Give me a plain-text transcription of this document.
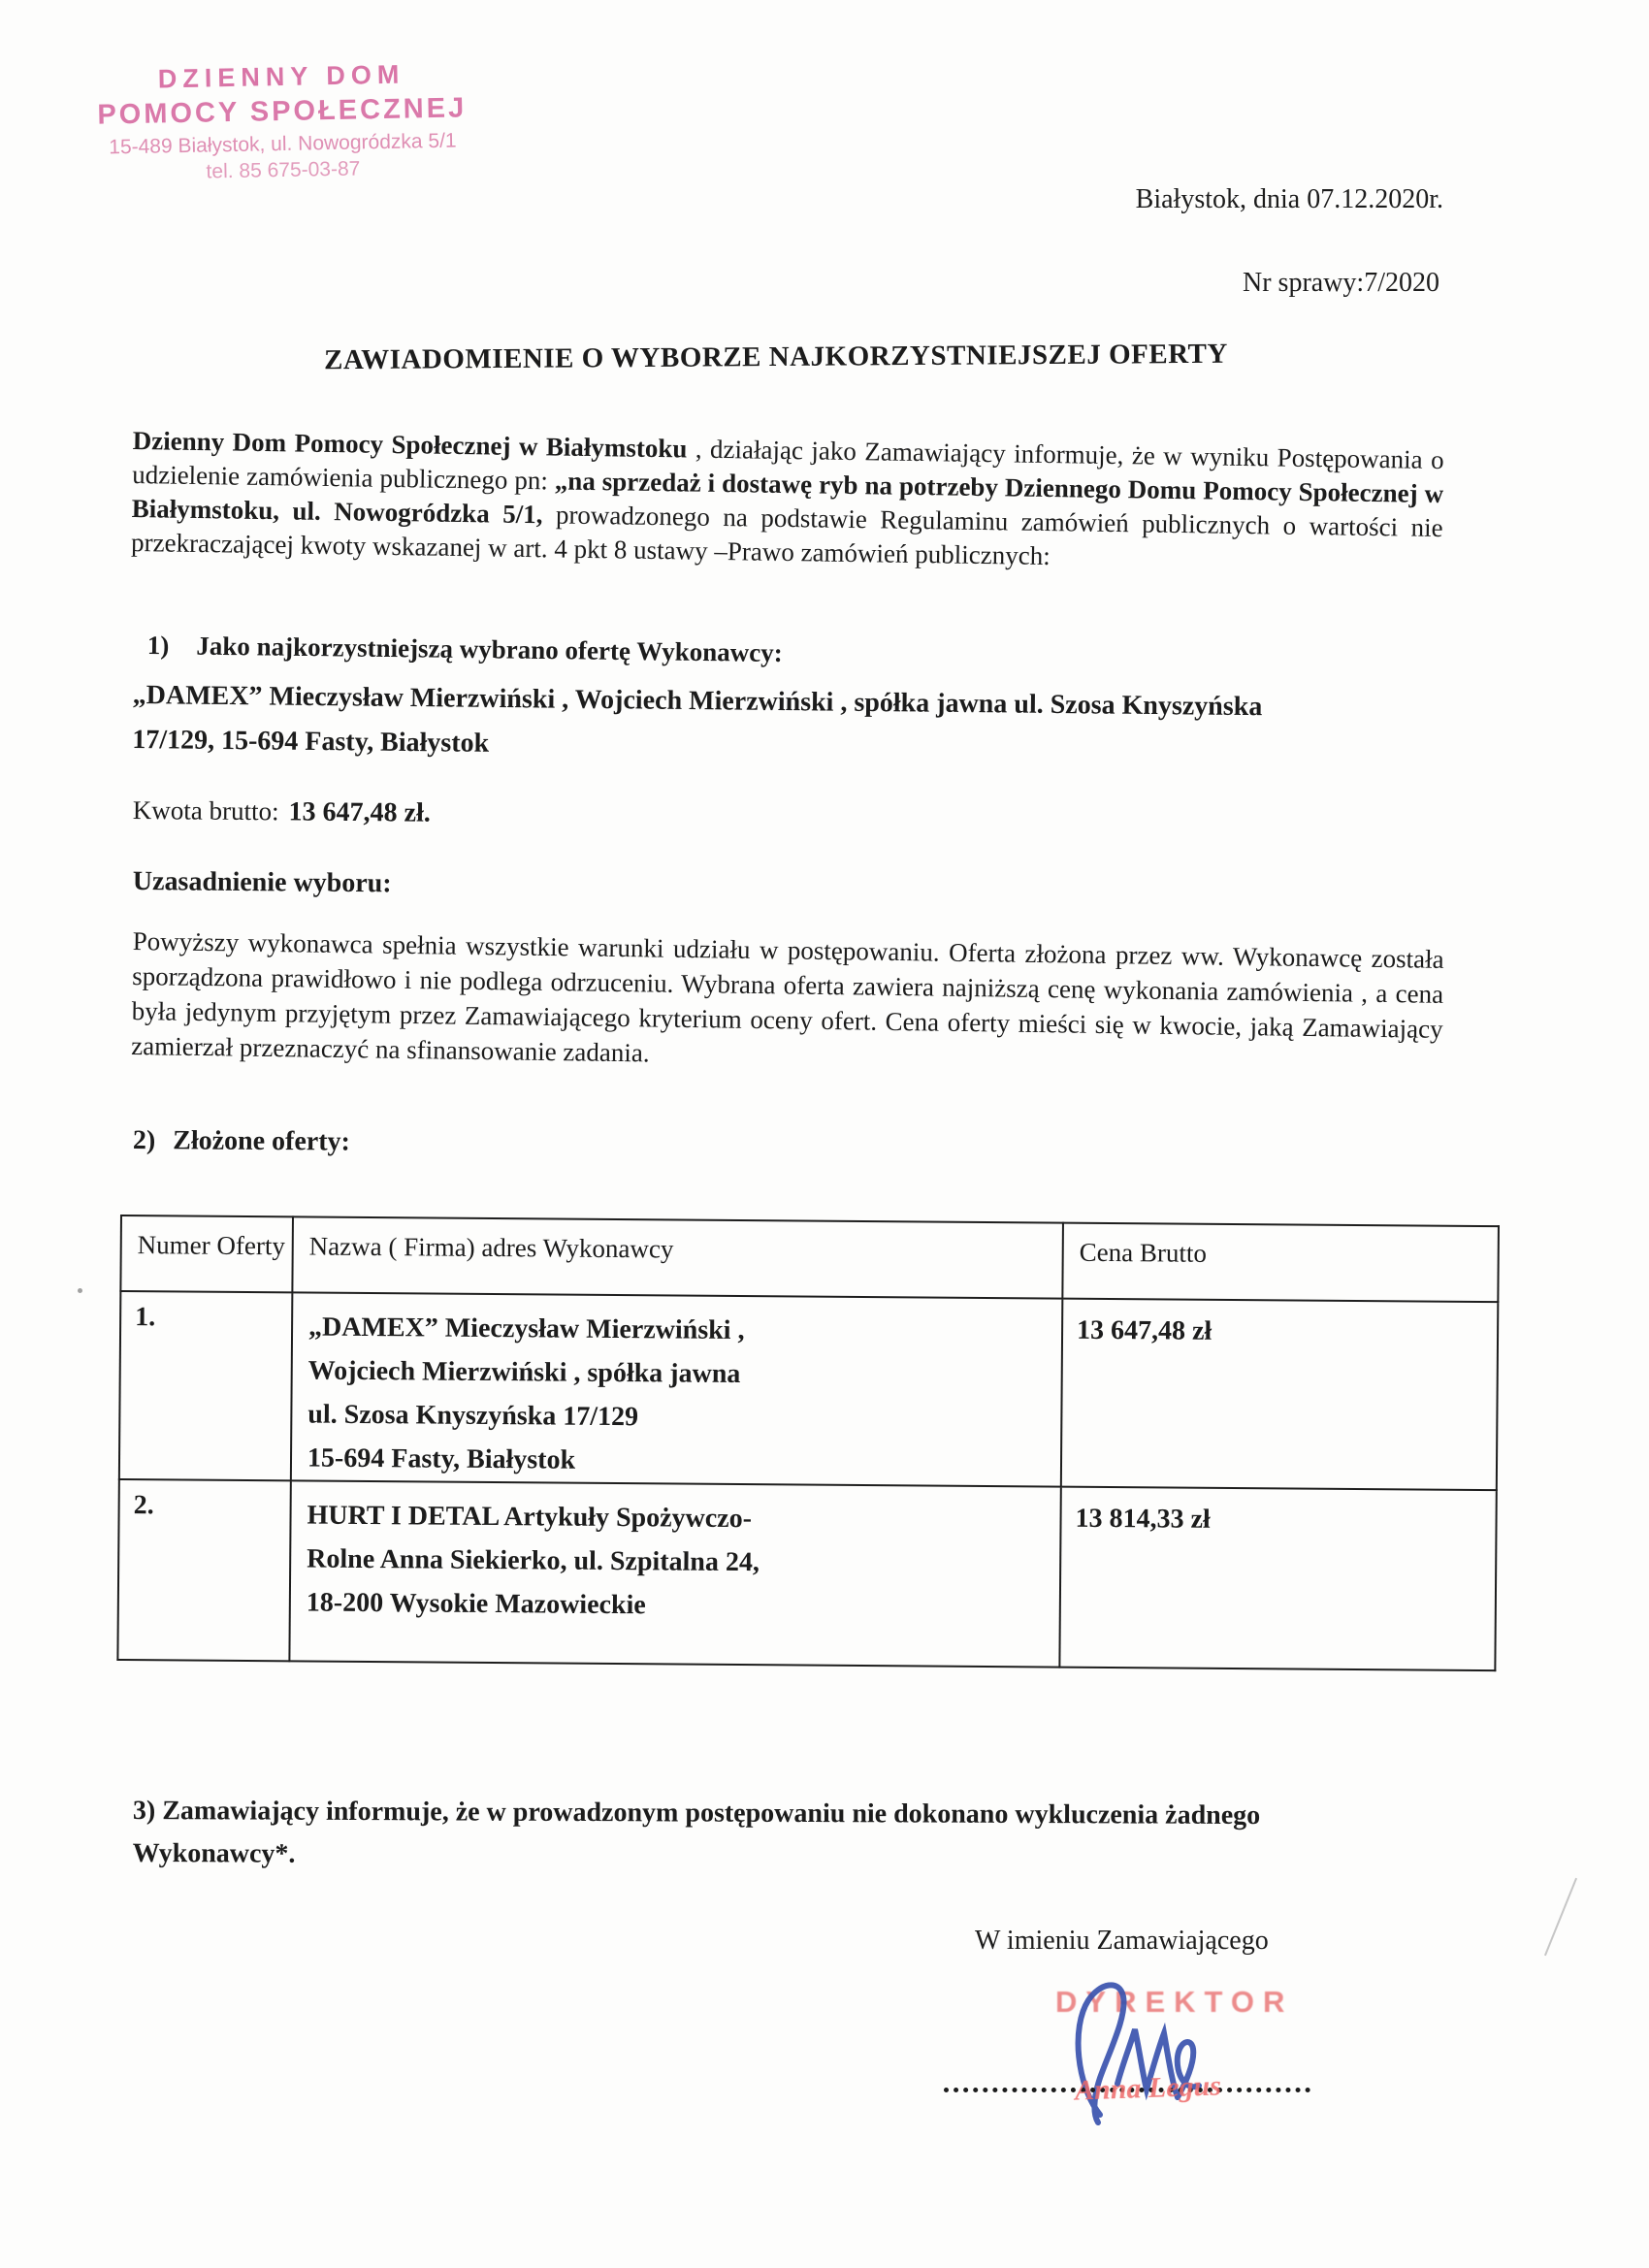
DZIENNY DOM
POMOCY SPOŁECZNEJ
15-489 Białystok, ul. Nowogródzka 5/1
tel. 85 675-03-87
Białystok, dnia 07.12.2020r.
Nr sprawy:7/2020
ZAWIADOMIENIE O WYBORZE NAJKORZYSTNIEJSZEJ OFERTY
Dzienny Dom Pomocy Społecznej w Białymstoku , działając jako Zamawiający informuje, że w wyniku Postępowania o udzielenie zamówienia publicznego pn: „na sprzedaż i dostawę ryb na potrzeby Dziennego Domu Pomocy Społecznej w Białymstoku, ul. Nowogródzka 5/1, prowadzonego na podstawie Regulaminu zamówień publicznych o wartości nie przekraczającej kwoty wskazanej w art. 4 pkt 8 ustawy –Prawo zamówień publicznych:
1) Jako najkorzystniejszą wybrano ofertę Wykonawcy:
„DAMEX” Mieczysław Mierzwiński , Wojciech Mierzwiński , spółka jawna ul. Szosa Knyszyńska 17/129, 15-694 Fasty, Białystok
Kwota brutto: 13 647,48 zł.
Uzasadnienie wyboru:
Powyższy wykonawca spełnia wszystkie warunki udziału w postępowaniu. Oferta złożona przez ww. Wykonawcę została sporządzona prawidłowo i nie podlega odrzuceniu. Wybrana oferta zawiera najniższą cenę wykonania zamówienia , a cena była jedynym przyjętym przez Zamawiającego kryterium oceny ofert. Cena oferty mieści się w kwocie, jaką Zamawiający zamierzał przeznaczyć na sfinansowanie zadania.
2) Złożone oferty:
Numer Oferty	Nazwa ( Firma) adres Wykonawcy	Cena Brutto

1.	„DAMEX” Mieczysław Mierzwiński ,
Wojciech Mierzwiński , spółka jawna
ul. Szosa Knyszyńska 17/129
15-694 Fasty, Białystok	13 647,48 zł

2.	HURT I DETAL Artykuły Spożywczo-
Rolne Anna Siekierko, ul. Szpitalna 24,
18-200 Wysokie Mazowieckie	13 814,33 zł
3) Zamawiający informuje, że w prowadzonym postępowaniu nie dokonano wykluczenia żadnego Wykonawcy*.
W imieniu Zamawiającego
DYREKTOR
Anna Legus
